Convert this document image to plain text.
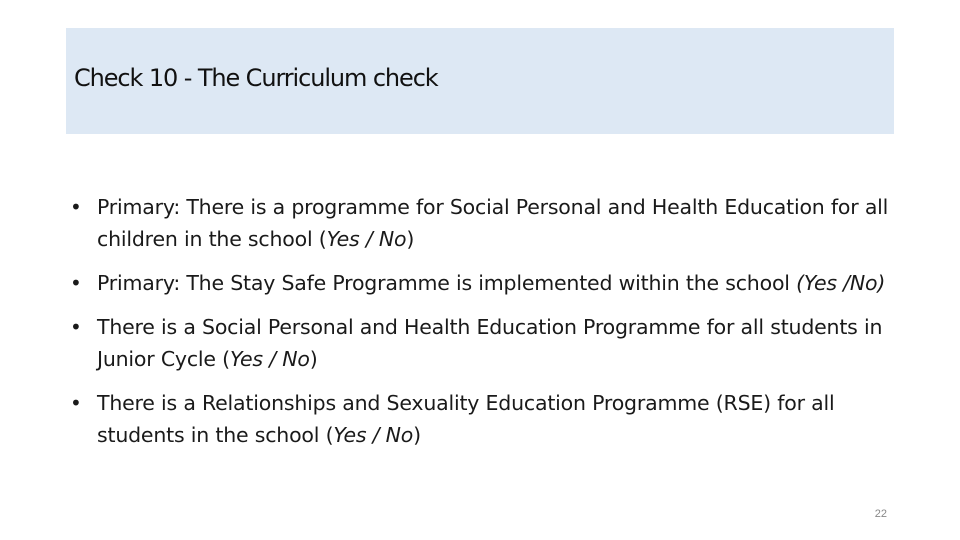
Check 10 - The Curriculum check
• Primary: There is a programme for Social Personal and Health Education for all children in the school (Yes / No)
• Primary: The Stay Safe Programme is implemented within the school (Yes /No)
• There is a Social Personal and Health Education Programme for all students in Junior Cycle (Yes / No)
• There is a Relationships and Sexuality Education Programme (RSE) for all students in the school (Yes / No)
22
